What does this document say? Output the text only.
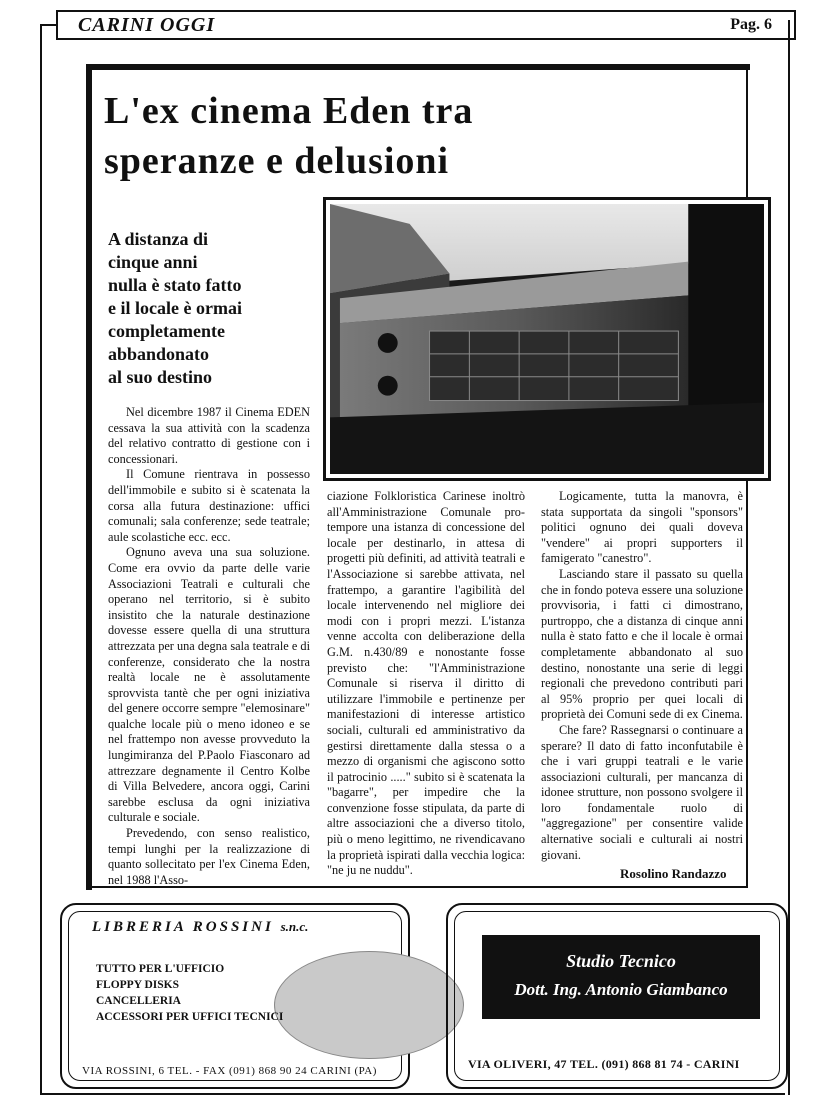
CARINI OGGI	Pag. 6
L'ex cinema Eden tra
speranze e delusioni
A distanza di
cinque anni
nulla è stato fatto
e il locale è ormai
completamente
abbandonato
al suo destino

Nel dicembre 1987 il Cinema EDEN cessava la sua attività con la scadenza del relativo contratto di gestione con i concessionari.

Il Comune rientrava in possesso dell'immobile e subito si è scatenata la corsa alla futura destinazione: uffici comunali; sala conferenze; sede teatrale; aule scolastiche ecc. ecc.

Ognuno aveva una sua soluzione. Come era ovvio da parte delle varie Associazioni Teatrali e culturali che operano nel territorio, si è subito insistito che la naturale destinazione dovesse essere quella di una struttura attrezzata per una degna sala teatrale e di conferenze, considerato che la nostra realtà locale ne è assolutamente sprovvista tantè che per ogni iniziativa del genere occorre sempre "elemosinare" qualche locale più o meno idoneo e se nel frattempo non avesse provveduto la lungimiranza del P.Paolo Fiasconaro ad attrezzare degnamente il Centro Kolbe di Villa Belvedere, ancora oggi, Carini sarebbe esclusa da ogni iniziativa culturale e sociale.

Prevedendo, con senso realistico, tempi lunghi per la realizzazione di quanto sollecitato per l'ex Cinema Eden, nel 1988 l'Asso-

ciazione Folkloristica Carinese inoltrò all'Amministrazione Comunale pro-tempore una istanza di concessione del locale per destinarlo, in attesa di progetti più definiti, ad attività teatrali e l'Associazione si sarebbe attivata, nel frattempo, a garantire l'agibilità del locale intervenendo nel migliore dei modi con i propri mezzi. L'istanza venne accolta con deliberazione della G.M. n.430/89 e nonostante fosse previsto che: "l'Amministrazione Comunale si riserva il diritto di utilizzare l'immobile e pertinenze per manifestazioni di interesse artistico sociali, culturali ed amministrativo da gestirsi direttamente dalla stessa o a mezzo di organismi che agiscono sotto il patrocinio ....." subito si è scatenata la "bagarre", per impedire che la convenzione fosse stipulata, da parte di altre associazioni che a diverso titolo, più o meno legittimo, ne rivendicavano la proprietà ispirati dalla vecchia logica: "ne ju ne nuddu".

Logicamente, tutta la manovra, è stata supportata da singoli "sponsors" politici ognuno dei quali doveva "vendere" ai propri supporters il famigerato "canestro".

Lasciando stare il passato su quella che in fondo poteva essere una soluzione provvisoria, i fatti ci dimostrano, purtroppo, che a distanza di cinque anni nulla è stato fatto e che il locale è ormai completamente abbandonato al suo destino, nonostante una serie di leggi regionali che prevedono contributi pari al 95% proprio per quei locali di proprietà dei Comuni sede di ex Cinema.

Che fare? Rassegnarsi o continuare a sperare? Il dato di fatto inconfutabile è che i vari gruppi teatrali e le varie associazioni culturali, per mancanza di idonee strutture, non possono svolgere il loro fondamentale ruolo di "aggregazione" per consentire valide alternative sociali e culturali ai nostri giovani.

Rosolino Randazzo
LIBRERIA ROSSINI s.n.c.
TUTTO PER L'UFFICIO
FLOPPY DISKS
CANCELLERIA
ACCESSORI PER UFFICI TECNICI
VIA ROSSINI, 6 TEL. - FAX (091) 868 90 24 CARINI (PA)
Studio Tecnico
Dott. Ing. Antonio Giambanco
VIA OLIVERI, 47 TEL. (091) 868 81 74 - CARINI
